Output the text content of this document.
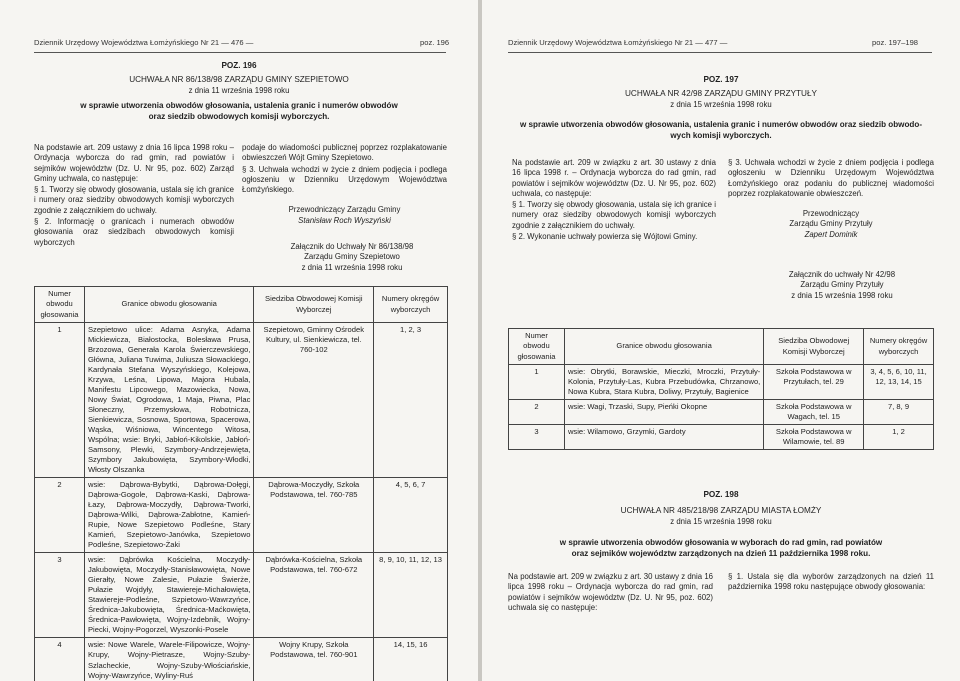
Dziennik Urzędowy Województwa Łomżyńskiego Nr 21 — 476 —	poz. 196
POZ. 196
UCHWAŁA NR 86/138/98 ZARZĄDU GMINY SZEPIETOWO
z dnia 11 września 1998 roku
w sprawie utworzenia obwodów głosowania, ustalenia granic i numerów obwodów
oraz siedzib obwodowych komisji wyborczych.

Na podstawie art. 209 ustawy z dnia 16 lipca 1998 roku – Ordynacja wyborcza do rad gmin, rad powiatów i sejmików województw (Dz. U. Nr 95, poz. 602) Zarząd Gminy uchwala, co następuje:

§ 1. Tworzy się obwody głosowania, ustala się ich granice i numery oraz siedziby obwodowych komisji wyborczych zgodnie z załącznikiem do uchwały.

§ 2. Informację o granicach i numerach obwodów głosowania oraz siedzibach obwodowych komisji wyborczych

podaje do wiadomości publicznej poprzez rozplakatowanie obwieszczeń Wójt Gminy Szepietowo.

§ 3. Uchwała wchodzi w życie z dniem podjęcia i podlega ogłoszeniu w Dzienniku Urzędowym Województwa Łomżyńskiego.

Przewodniczący Zarządu Gminy
Stanisław Roch Wyszyński
Załącznik do Uchwały Nr 86/138/98
Zarządu Gminy Szepietowo
z dnia 11 września 1998 roku
Numer obwodu głosowania	Granice obwodu głosowania	Siedziba Obwodowej Komisji Wyborczej	Numery okręgów wyborczych
1	Szepietowo ulice: Adama Asnyka, Adama Mickiewicza, Białostocka, Bolesława Prusa, Brzozowa, Generała Karola Świerczewskiego, Główna, Juliana Tuwima, Juliusza Słowackiego, Kardynała Stefana Wyszyńskiego, Kolejowa, Krzywa, Leśna, Lipowa, Majora Hubala, Manifestu Lipcowego, Mazowiecka, Nowa, Nowy Świat, Ogrodowa, 1 Maja, Piwna, Plac Słoneczny, Przemysłowa, Robotnicza, Sienkiewicza, Sosnowa, Sportowa, Spacerowa, Wąska, Wiśniowa, Wincentego Witosa, Wspólna; wsie: Bryki, Jabłoń-Kikolskie, Jabłoń-Samsony, Plewki, Szymbory-Andrzejewięta, Szymbory Jakubowięta, Szymbory-Włodki, Włosty Olszanka	Szepietowo, Gminny Ośrodek Kultury, ul. Sienkiewicza, tel. 760-102	1, 2, 3
2	wsie: Dąbrowa-Bybytki, Dąbrowa-Dołęgi, Dąbrowa-Gogole, Dąbrowa-Kaski, Dąbrowa-Łazy, Dąbrowa-Moczydły, Dąbrowa-Tworki, Dąbrowa-Wilki, Dąbrowa-Zabłotne, Kamień-Rupie, Nowe Szepietowo Podleśne, Stary Kamień, Szepietowo-Janówka, Szepietowo Podleśne, Szepietowo-Żaki	Dąbrowa-Moczydły, Szkoła Podstawowa, tel. 760-785	4, 5, 6, 7
3	wsie: Dąbrówka Kościelna, Moczydły-Jakubowięta, Moczydły-Stanisławowięta, Nowe Gierałty, Nowe Zalesie, Pułazie Świerże, Pułazie Wojdyły, Stawiereje-Michałowięta, Stawiereje-Podleśne, Szpietowo-Wawrzyńce, Średnica-Jakubowięta, Średnica-Maćkowięta, Średnica-Pawłowięta, Wojny-Izdebnik, Wojny-Piecki, Wojny-Pogorzel, Wyszonki-Posele	Dąbrówka-Kościelna, Szkoła Podstawowa, tel. 760-672	8, 9, 10, 11, 12, 13
4	wsie: Nowe Warele, Warele-Filipowicze, Wojny-Krupy, Wojny-Pietrasze, Wojny-Szuby-Szlacheckie, Wojny-Szuby-Włościańskie, Wojny-Wawrzyńce, Wyliny-Ruś	Wojny Krupy, Szkoła Podstawowa, tel. 760-901	14, 15, 16
Dziennik Urzędowy Województwa Łomżyńskiego Nr 21 — 477 —	poz. 197–198
POZ. 197
UCHWAŁA NR 42/98 ZARZĄDU GMINY PRZYTUŁY
z dnia 15 września 1998 roku
w sprawie utworzenia obwodów głosowania, ustalenia granic i numerów obwodów oraz siedzib obwodo-
wych komisji wyborczych.

Na podstawie art. 209 w związku z art. 30 ustawy z dnia 16 lipca 1998 r. – Ordynacja wyborcza do rad gmin, rad powiatów i sejmików województw (Dz. U. Nr 95, poz. 602) uchwala, co następuje:

§ 1. Tworzy się obwody głosowania, ustala się ich granice i numery oraz siedziby obwodowych komisji wyborczych zgodnie z załącznikiem do uchwały.

§ 2. Wykonanie uchwały powierza się Wójtowi Gminy.

§ 3. Uchwała wchodzi w życie z dniem podjęcia i podlega ogłoszeniu w Dzienniku Urzędowym Województwa Łomżyńskiego oraz podaniu do publicznej wiadomości poprzez rozplakatowanie obwieszczeń.

Przewodniczący
Zarządu Gminy Przytuły
Zapert Dominik
Załącznik do uchwały Nr 42/98
Zarządu Gminy Przytuły
z dnia 15 września 1998 roku
Numer obwodu głosowania	Granice obwodu głosowania	Siedziba Obwodowej Komisji Wyborczej	Numery okręgów wyborczych
1	wsie: Obrytki, Borawskie, Mieczki, Mroczki, Przytuły-Kolonia, Przytuły-Las, Kubra Przebudówka, Chrzanowo, Nowa Kubra, Stara Kubra, Doliwy, Przytuły, Bagienice	Szkoła Podstawowa w Przytułach, tel. 29	3, 4, 5, 6, 10, 11, 12, 13, 14, 15
2	wsie: Wagi, Trzaski, Supy, Pieńki Okopne	Szkoła Podstawowa w Wagach, tel. 15	7, 8, 9
3	wsie: Wilamowo, Grzymki, Gardoty	Szkoła Podstawowa w Wilamowie, tel. 89	1, 2
POZ. 198
UCHWAŁA NR 485/218/98 ZARZĄDU MIASTA ŁOMŻY
z dnia 15 września 1998 roku
w sprawie utworzenia obwodów głosowania w wyborach do rad gmin, rad powiatów
oraz sejmików województw zarządzonych na dzień 11 października 1998 roku.

Na podstawie art. 209 w związku z art. 30 ustawy z dnia 16 lipca 1998 roku – Ordynacja wyborcza do rad gmin, rad powiatów i sejmików województw (Dz. U. Nr 95, poz. 602) uchwala się co następuje:

§ 1. Ustala się dla wyborów zarządzonych na dzień 11 października 1998 roku następujące obwody głosowania:
